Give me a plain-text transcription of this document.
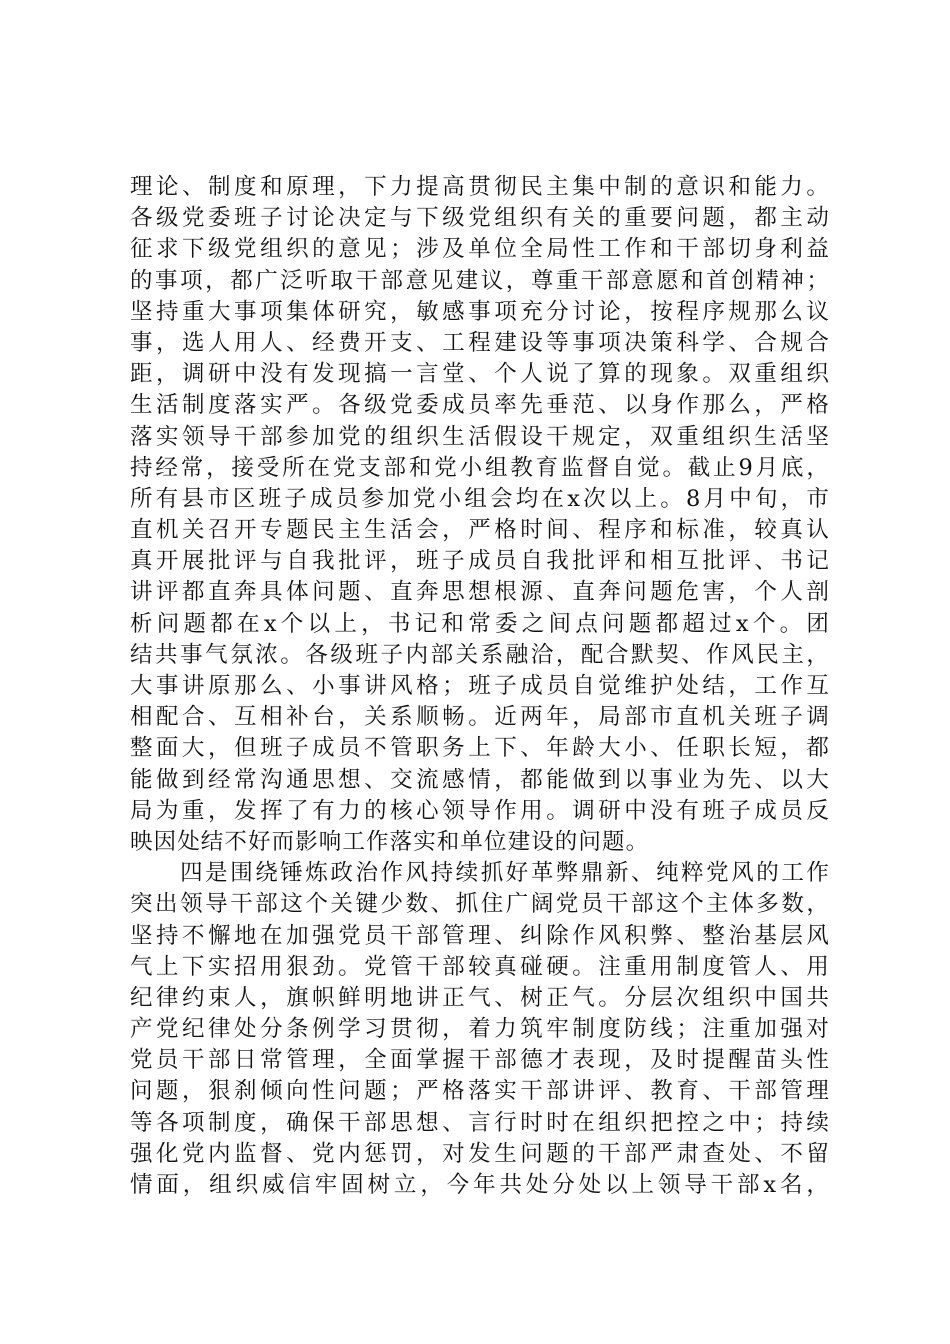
理论、制度和原理，下力提高贯彻民主集中制的意识和能力。
各级党委班子讨论决定与下级党组织有关的重要问题，都主动
征求下级党组织的意见；涉及单位全局性工作和干部切身利益
的事项，都广泛听取干部意见建议，尊重干部意愿和首创精神；
坚持重大事项集体研究，敏感事项充分讨论，按程序规那么议
事，选人用人、经费开支、工程建设等事项决策科学、合规合
距，调研中没有发现搞一言堂、个人说了算的现象。双重组织
生活制度落实严。各级党委成员率先垂范、以身作那么，严格
落实领导干部参加党的组织生活假设干规定，双重组织生活坚
持经常，接受所在党支部和党小组教育监督自觉。截止9月底，
所有县市区班子成员参加党小组会均在x次以上。8月中旬，市
直机关召开专题民主生活会，严格时间、程序和标准，较真认
真开展批评与自我批评，班子成员自我批评和相互批评、书记
讲评都直奔具体问题、直奔思想根源、直奔问题危害，个人剖
析问题都在x个以上，书记和常委之间点问题都超过x个。团
结共事气氛浓。各级班子内部关系融洽，配合默契、作风民主，
大事讲原那么、小事讲风格；班子成员自觉维护处结，工作互
相配合、互相补台，关系顺畅。近两年，局部市直机关班子调
整面大，但班子成员不管职务上下、年龄大小、任职长短，都
能做到经常沟通思想、交流感情，都能做到以事业为先、以大
局为重，发挥了有力的核心领导作用。调研中没有班子成员反
映因处结不好而影响工作落实和单位建设的问题。
　　四是围绕锤炼政治作风持续抓好革弊鼎新、纯粹党风的工作
突出领导干部这个关键少数、抓住广阔党员干部这个主体多数，
坚持不懈地在加强党员干部管理、纠除作风积弊、整治基层风
气上下实招用狠劲。党管干部较真碰硬。注重用制度管人、用
纪律约束人，旗帜鲜明地讲正气、树正气。分层次组织中国共
产党纪律处分条例学习贯彻，着力筑牢制度防线；注重加强对
党员干部日常管理，全面掌握干部德才表现，及时提醒苗头性
问题，狠刹倾向性问题；严格落实干部讲评、教育、干部管理
等各项制度，确保干部思想、言行时时在组织把控之中；持续
强化党内监督、党内惩罚，对发生问题的干部严肃查处、不留
情面，组织威信牢固树立，今年共处分处以上领导干部x名，
